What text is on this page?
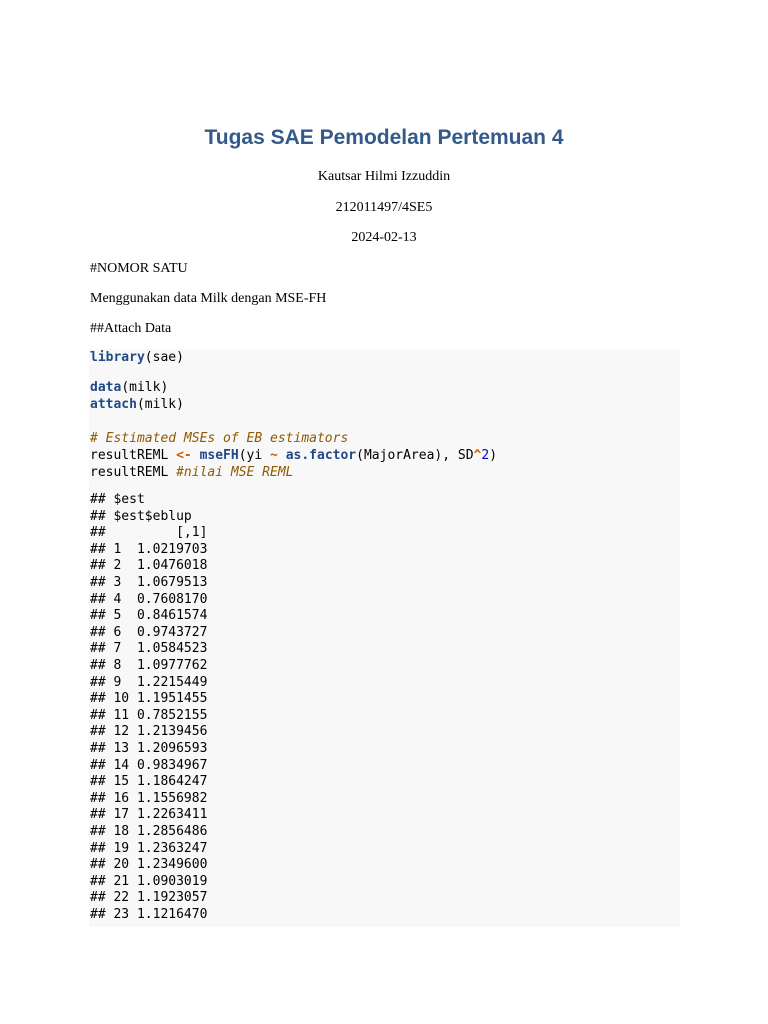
Tugas SAE Pemodelan Pertemuan 4
Kautsar Hilmi Izzuddin
212011497/4SE5
2024-02-13
#NOMOR SATU
Menggunakan data Milk dengan MSE-FH
##Attach Data
library(sae)
data(milk)
attach(milk)
# Estimated MSEs of EB estimators
resultREML <- mseFH(yi ~ as.factor(MajorArea), SD^2)
resultREML #nilai MSE REML
## $est
## $est$eblup
##         [,1]
## 1  1.0219703
## 2  1.0476018
## 3  1.0679513
## 4  0.7608170
## 5  0.8461574
## 6  0.9743727
## 7  1.0584523
## 8  1.0977762
## 9  1.2215449
## 10 1.1951455
## 11 0.7852155
## 12 1.2139456
## 13 1.2096593
## 14 0.9834967
## 15 1.1864247
## 16 1.1556982
## 17 1.2263411
## 18 1.2856486
## 19 1.2363247
## 20 1.2349600
## 21 1.0903019
## 22 1.1923057
## 23 1.1216470
